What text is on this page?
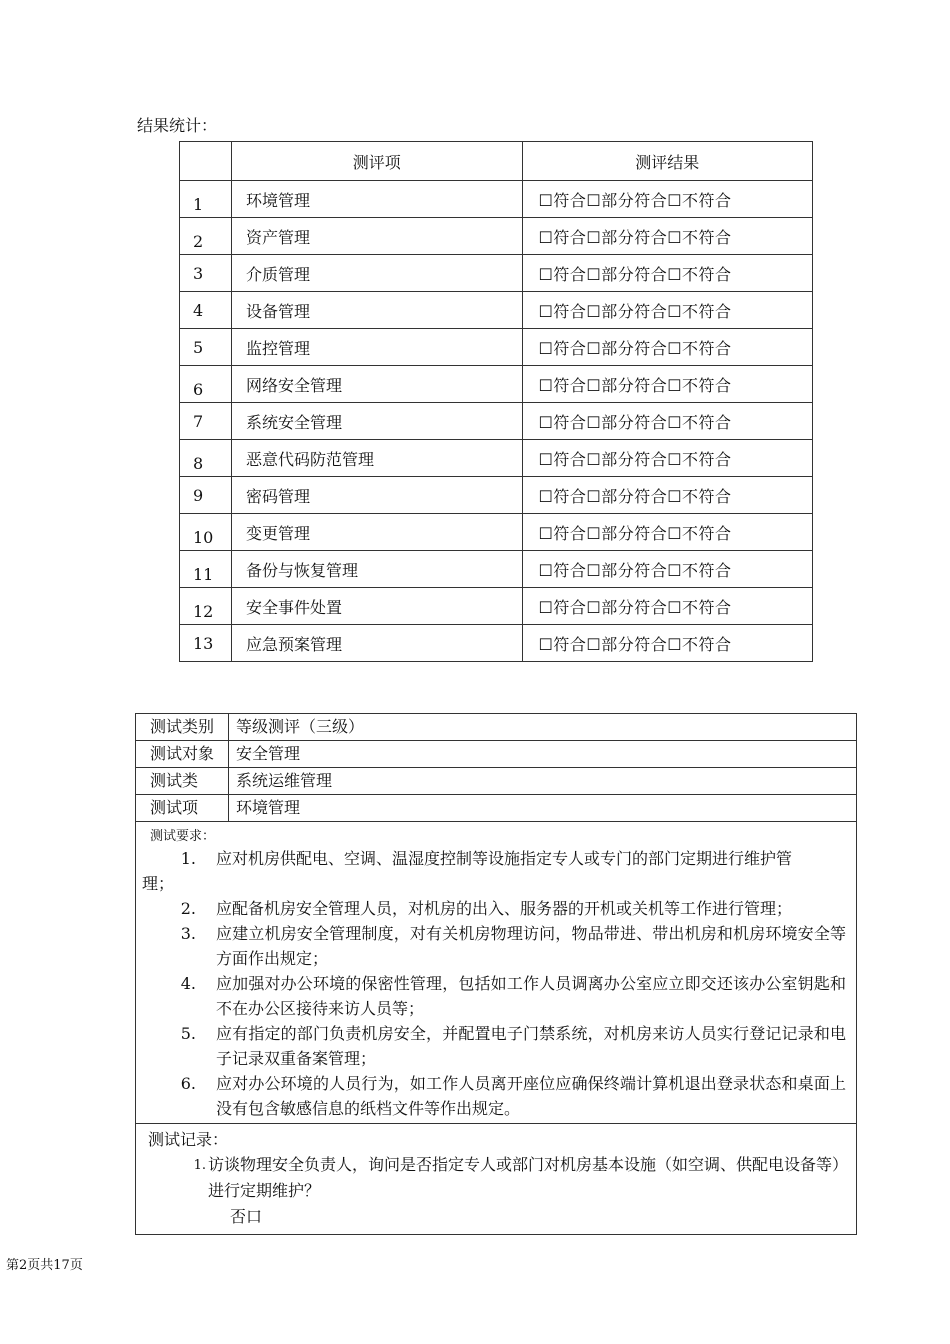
结果统计：
	测评项	测评结果
1	环境管理	☐符合☐部分符合☐不符合
2	资产管理	☐符合☐部分符合☐不符合
3	介质管理	☐符合☐部分符合☐不符合
4	设备管理	☐符合☐部分符合☐不符合
5	监控管理	☐符合☐部分符合☐不符合
6	网络安全管理	☐符合☐部分符合☐不符合
7	系统安全管理	☐符合☐部分符合☐不符合
8	恶意代码防范管理	☐符合☐部分符合☐不符合
9	密码管理	☐符合☐部分符合☐不符合
10	变更管理	☐符合☐部分符合☐不符合
11	备份与恢复管理	☐符合☐部分符合☐不符合
12	安全事件处置	☐符合☐部分符合☐不符合
13	应急预案管理	☐符合☐部分符合☐不符合
测试类别	等级测评（三级）
测试对象	安全管理
测试类	系统运维管理
测试项	环境管理
测试要求：
1.	应对机房供配电、空调、温湿度控制等设施指定专人或专门的部门定期进行维护管
理；
2.	应配备机房安全管理人员，对机房的出入、服务器的开机或关机等工作进行管理；
3.	应建立机房安全管理制度，对有关机房物理访问，物品带进、带出机房和机房环境安全等方面作出规定；
4.	应加强对办公环境的保密性管理，包括如工作人员调离办公室应立即交还该办公室钥匙和不在办公区接待来访人员等；
5.	应有指定的部门负责机房安全，并配置电子门禁系统，对机房来访人员实行登记记录和电子记录双重备案管理；
6.	应对办公环境的人员行为，如工作人员离开座位应确保终端计算机退出登录状态和桌面上没有包含敏感信息的纸档文件等作出规定。
测试记录：
1. 访谈物理安全负责人，询问是否指定专人或部门对机房基本设施（如空调、供配电设备等）进行定期维护？
否口
第2页共17页
